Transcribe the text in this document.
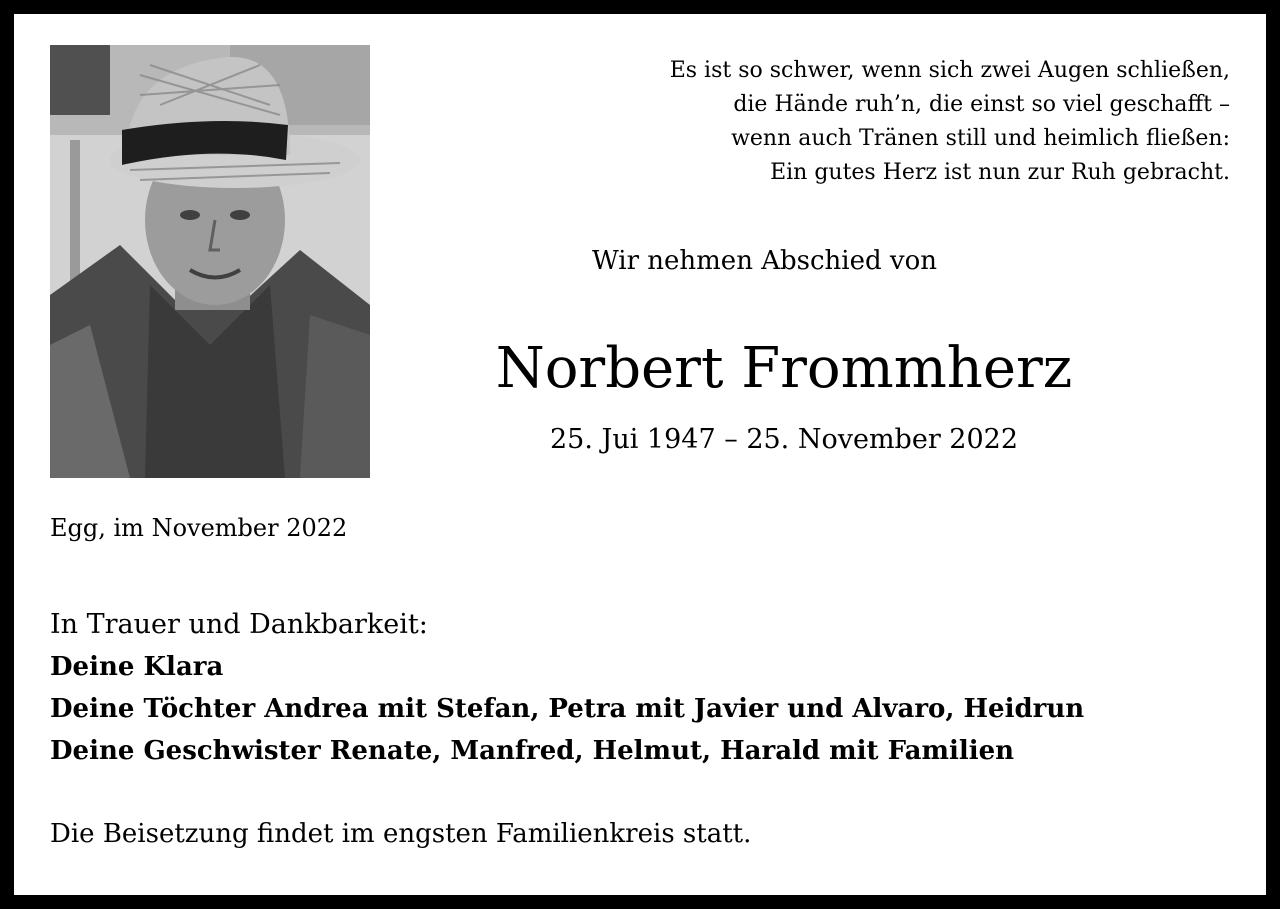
Es ist so schwer, wenn sich zwei Augen schließen,
die Hände ruh’n, die einst so viel geschafft –
wenn auch Tränen still und heimlich fließen:
Ein gutes Herz ist nun zur Ruh gebracht.
Wir nehmen Abschied von
Norbert Frommherz
25. Jui 1947 – 25. November 2022
Egg, im November 2022
In Trauer und Dankbarkeit:
Deine Klara
Deine Töchter Andrea mit Stefan, Petra mit Javier und Alvaro, Heidrun
Deine Geschwister Renate, Manfred, Helmut, Harald mit Familien
Die Beisetzung findet im engsten Familienkreis statt.
